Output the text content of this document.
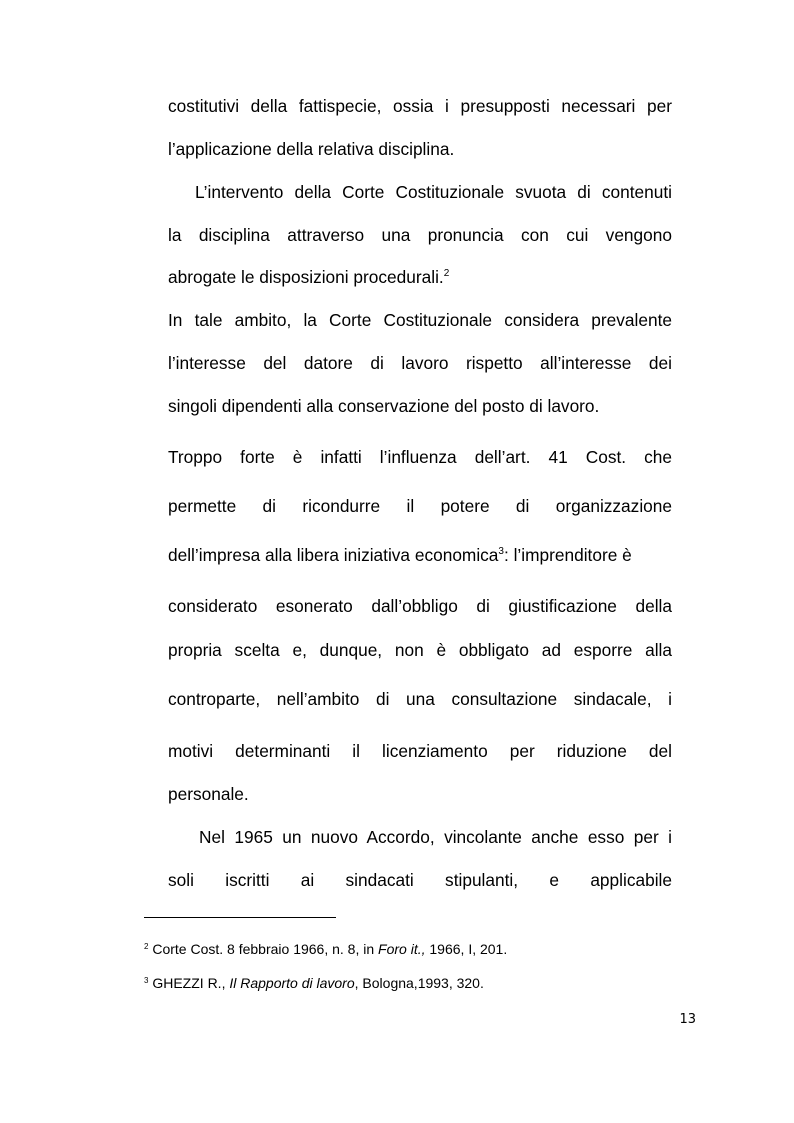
costitutivi della fattispecie, ossia i presupposti necessari per
l’applicazione della relativa disciplina.
L’intervento della Corte Costituzionale svuota di contenuti
la disciplina attraverso una pronuncia con cui vengono
abrogate le disposizioni procedurali.$^2$
In tale ambito, la Corte Costituzionale considera prevalente
l’interesse del datore di lavoro rispetto all’interesse dei
singoli dipendenti alla conservazione del posto di lavoro.
Troppo forte è infatti l’influenza dell’art. 41 Cost. che
permette di ricondurre il potere di organizzazione
dell’impresa alla libera iniziativa economica$^3$: l’imprenditore è
considerato esonerato dall’obbligo di giustificazione della
propria scelta e, dunque, non è obbligato ad esporre alla
controparte, nell’ambito di una consultazione sindacale, i
motivi determinanti il licenziamento per riduzione del
personale.
Nel 1965 un nuovo Accordo, vincolante anche esso per i
soli iscritti ai sindacati stipulanti, e applicabile
$^2$ Corte Cost. 8 febbraio 1966, n. 8, in Foro it., 1966, I, 201.
$^3$ GHEZZI R., Il Rapporto di lavoro, Bologna,1993, 320.
13
